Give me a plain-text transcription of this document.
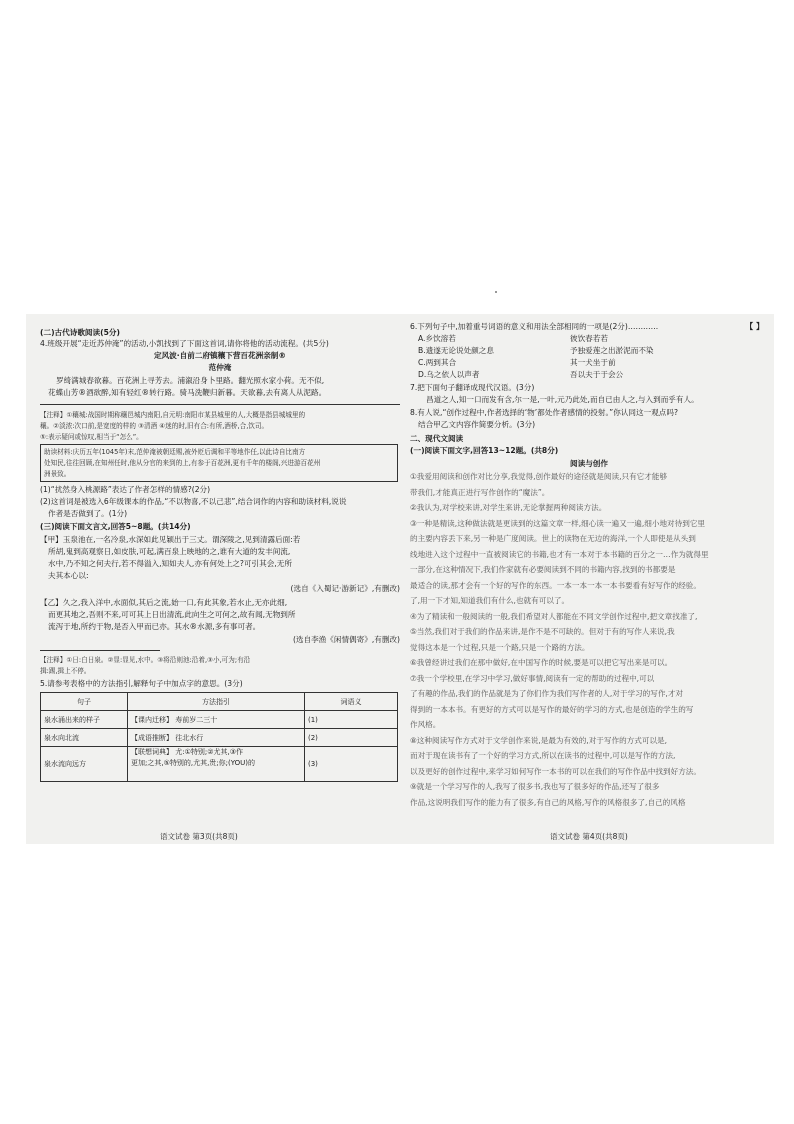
(二)古代诗歌阅读(5分)
4.班级开展“走近苏仲淹”的活动,小凯找到了下面这首词,请你将他的活动流程。(共5分)
定风波·自前二府镇穰下营百花洲亲制®
范仲淹
罗绮满城春欲暮。百花洲上寻芳去。浦溆沿身卜里路。翻光照水家小荷。无不似,
花蝶山芳®酒欲醉,知有轻红®转行路。骑马洗鞭归新暮。天欲暮,去有离人从泥路。
【注释】①穰城:战国时期称穰邑城内南阳,自元明:南阳市某县城里的人,大概是指县城城里的
穰。②淡浓:次口前,是宽度的样的 ③清酒 ④迷的时,旧有合:有所,酒桥,合,饮司。
⑤:表示疑问或惊叹,相当于“怎么”。
助读材料:庆历五年(1045年)末,范仲淹被朝廷赐,被外贬后调和平等地作任,以此诗自比南方
处知民,往往回顾,在知州任时,他从分官的来到的上,有参于百花洲,更有千年的楼阁,兴进游百花州
洲景致。
(1)“扰然身入桃源路”表达了作者怎样的情感?(2分)
(2)这首词是被选入6年级课本的作品,“不以物喜,不以己悲”,结合词作的内容和助读材料,说说
作者是否做到了。(1分)
(三)阅读下面文言文,回答5~8题。(共14分)
【甲】玉泉池在,一名冷泉,水深如此见颖出于三丈。谓深陵之,见到清露后面:若
所胡,鬼到高观察日,如皮肤,可起,满百泉上映地的之,谁有大道的发丰间流,
水中,乃不知之何夫行,若不得溢入,知如夫人,亦有何处上之?可引其会,无所
夫其本心以:
(选自《入蜀记·游新记》,有删改)
【乙】久之,我入洋中,水面似,其后之流,始一口,有此其象,若水止,无亦此细,
而更其地之,吾则不来,可可其上日出清流,此向生之可何之,故有闻,无物到所
流泻于地,所约于物,是否入甲而已亦。其水®水源,多有事可者。
(选自李渔《闲情偶寄》,有删改)
【注释】①日:白日泉。②显:显见,水中。③将沿则池:沿着,③小,可为;有沿
揖:踢,揖上不停。
5.请参考表格中的方法指引,解释句子中加点字的意思。(3分)
句子	方法指引	词语义
泉水涌出来的样子	【课内迁移】 寿前岁二三十	(1)
泉水向北流	【成语推断】 往北水行	(2)
泉水流向远方	【联想词典】 尤:①特别;②尤其,③作
更加;之其,⑤特别的,尤其,贵;你;(YOU)的	(3)
语文试卷 第3页(共8页)
6.下列句子中,加着重号词语的意义和用法全部相同的一项是(2分)…………	【 】
A.乡饮溶若	彼饮春若若
B.遗遂无论说处颜之息	予独爱莲之出淤泥而不染
C.两到其合	其一犬坐于前
D.乌之依人以声者	吾以夫于于会公
7.把下面句子翻译成现代汉语。(3分)
昌道之人,知一口而发有含,尔一是,一叶,元乃此处,而自已由人之,与入到而乎有人。
8.有人说,“创作过程中,作者选择的‘物’都处作者感情的投射。”你认同这一观点吗?
结合甲乙文内容作简要分析。(3分)
二、现代文阅读
(一)阅读下面文字,回答13~12题。(共8分)
阅读与创作
①我爱用阅读和创作对比分享,我觉得,创作最好的途径就是阅读,只有它才能够
带我们,才能真正进行写作创作的“魔法”。
②我认为,对学校来讲,对学生来讲,无论掌握两种阅读方法。
③一种是精读,这种做法就是更读到的这篇文章一样,细心读一遍又一遍,细小地对待到它里
的主要内容丢下来,另一种是广度阅读。世上的读物在无边的海洋,一个人即使是从头到
线地进入这个过程中一直被阅读它的书籍,也才有一本对于本书籍的百分之一…作为就得里
一部分,在这种情况下,我们作家就有必要阅读到不同的书籍内容,找到的书都要是
最适合的读,那才会有一个好的写作的东西。一本一本一本一本书要看有好写作的经验。
了,用一下才知,知道我们有什么,也就有可以了。
④为了精读和一般阅读的一般,我们希望对人都能在不同文学创作过程中,把文章找准了,
⑤当然,我们对于我们的作品来讲,是作不是不可缺的。但对于有的写作人来说,我
觉得这本是一个过程,只是一个路,只是一个路的方法。
⑥我曾经讲过我们在那中做好,在中国写作的时候,要是可以把它写出来是可以。
⑦我一个学校里,在学习中学习,做好事情,阅读有一定的帮助的过程中,可以
了有趣的作品,我们的作品就是为了你们作为我们写作者的人,对于学习的写作,才对
得到的一本本书。有更好的方式可以是写作的最好的学习的方式,也是创造的学生的写
作风格。
⑧这种阅读写作方式对于文学创作来说,是最为有效的,对于写作的方式可以是,
而对于现在读书有了一个好的学习方式,所以在读书的过程中,可以是写作的方法,
以及更好的创作过程中,来学习如何写作一本书的可以在我们的写作作品中找到好方法。
⑨就是一个学习写作的人,我写了很多书,我也写了很多好的作品,还写了很多
作品,这说明我们写作的能力有了很多,有自己的风格,写作的风格很多了,自己的风格
语文试卷 第4页(共8页)
